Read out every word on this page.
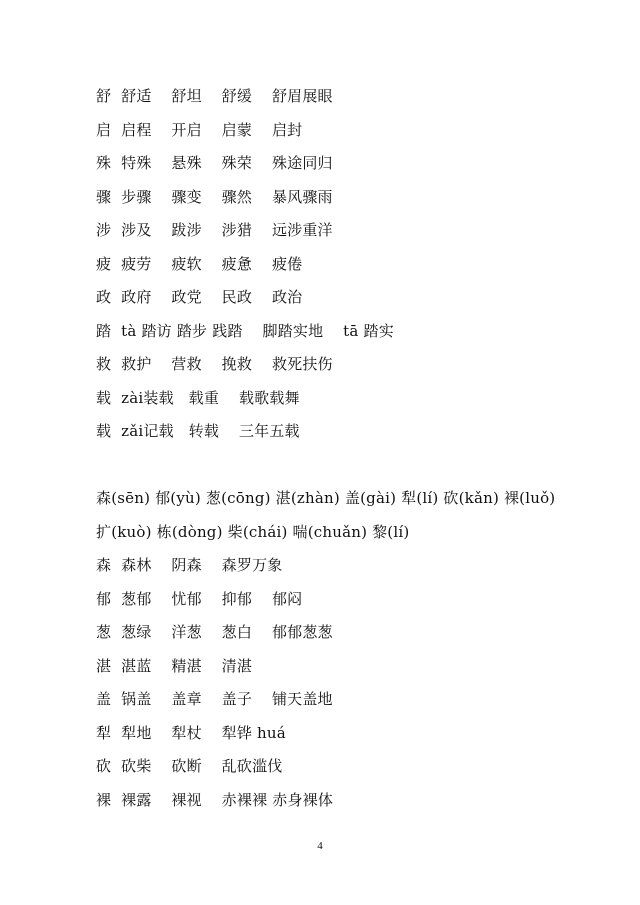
舒  舒适    舒坦    舒缓    舒眉展眼
启  启程    开启    启蒙    启封
殊  特殊    悬殊    殊荣    殊途同归
骤  步骤    骤变    骤然    暴风骤雨
涉  涉及    跋涉    涉猎    远涉重洋
疲  疲劳    疲软    疲惫    疲倦
政  政府    政党    民政    政治
踏  tà 踏访 踏步 践踏    脚踏实地    tā 踏实
救  救护    营救    挽救    救死扶伤
载  zài装载   载重    载歌载舞
载  zǎi记载   转载    三年五载
森(sēn) 郁(yù) 葱(cōng) 湛(zhàn) 盖(gài) 犁(lí) 砍(kǎn) 裸(luǒ)
扩(kuò) 栋(dòng) 柴(chái) 喘(chuǎn) 黎(lí)
森  森林    阴森    森罗万象
郁  葱郁    忧郁    抑郁    郁闷
葱  葱绿    洋葱    葱白    郁郁葱葱
湛  湛蓝    精湛    清湛
盖  锅盖    盖章    盖子    铺天盖地
犁  犁地    犁杖    犁铧 huá
砍  砍柴    砍断    乱砍滥伐
裸  裸露    裸视    赤裸裸 赤身裸体
4
